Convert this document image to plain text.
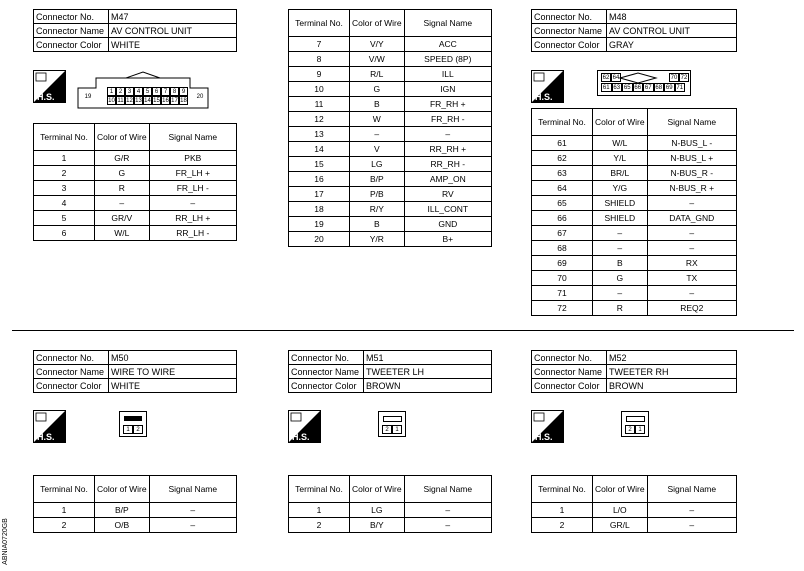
Connector No.	M47
Connector Name	AV CONTROL UNIT
Connector Color	WHITE
H.S.	1 2 3 4 5 6 7 8 9
10 11 12 13 14 15 16 17 18
19	20
Terminal No.	Color of Wire	Signal Name
1	G/R	PKB
2	G	FR_LH +
3	R	FR_LH -
4	–	–
5	GR/V	RR_LH +
6	W/L	RR_LH -
Terminal No.	Color of Wire	Signal Name
7	V/Y	ACC
8	V/W	SPEED (8P)
9	R/L	ILL
10	G	IGN
11	B	FR_RH +
12	W	FR_RH -
13	–	–
14	V	RR_RH +
15	LG	RR_RH -
16	B/P	AMP_ON
17	P/B	RV
18	R/Y	ILL_CONT
19	B	GND
20	Y/R	B+
Connector No.	M48
Connector Name	AV CONTROL UNIT
Connector Color	GRAY
H.S.
62 64	70 72
61 63 65 66 67 68 69 71
Terminal No.	Color of Wire	Signal Name
61	W/L	N-BUS_L -
62	Y/L	N-BUS_L +
63	BR/L	N-BUS_R -
64	Y/G	N-BUS_R +
65	SHIELD	–
66	SHIELD	DATA_GND
67	–	–
68	–	–
69	B	RX
70	G	TX
71	–	–
72	R	REQ2
Connector No.	M50
Connector Name	WIRE TO WIRE
Connector Color	WHITE
H.S.
1	2
Terminal No.	Color of Wire	Signal Name
1	B/P	–
2	O/B	–
Connector No.	M51
Connector Name	TWEETER LH
Connector Color	BROWN
H.S.
2	1
Terminal No.	Color of Wire	Signal Name
1	LG	–
2	B/Y	–
Connector No.	M52
Connector Name	TWEETER RH
Connector Color	BROWN
H.S.
2	1
Terminal No.	Color of Wire	Signal Name
1	L/O	–
2	GR/L	–
ABNIA0720GB
